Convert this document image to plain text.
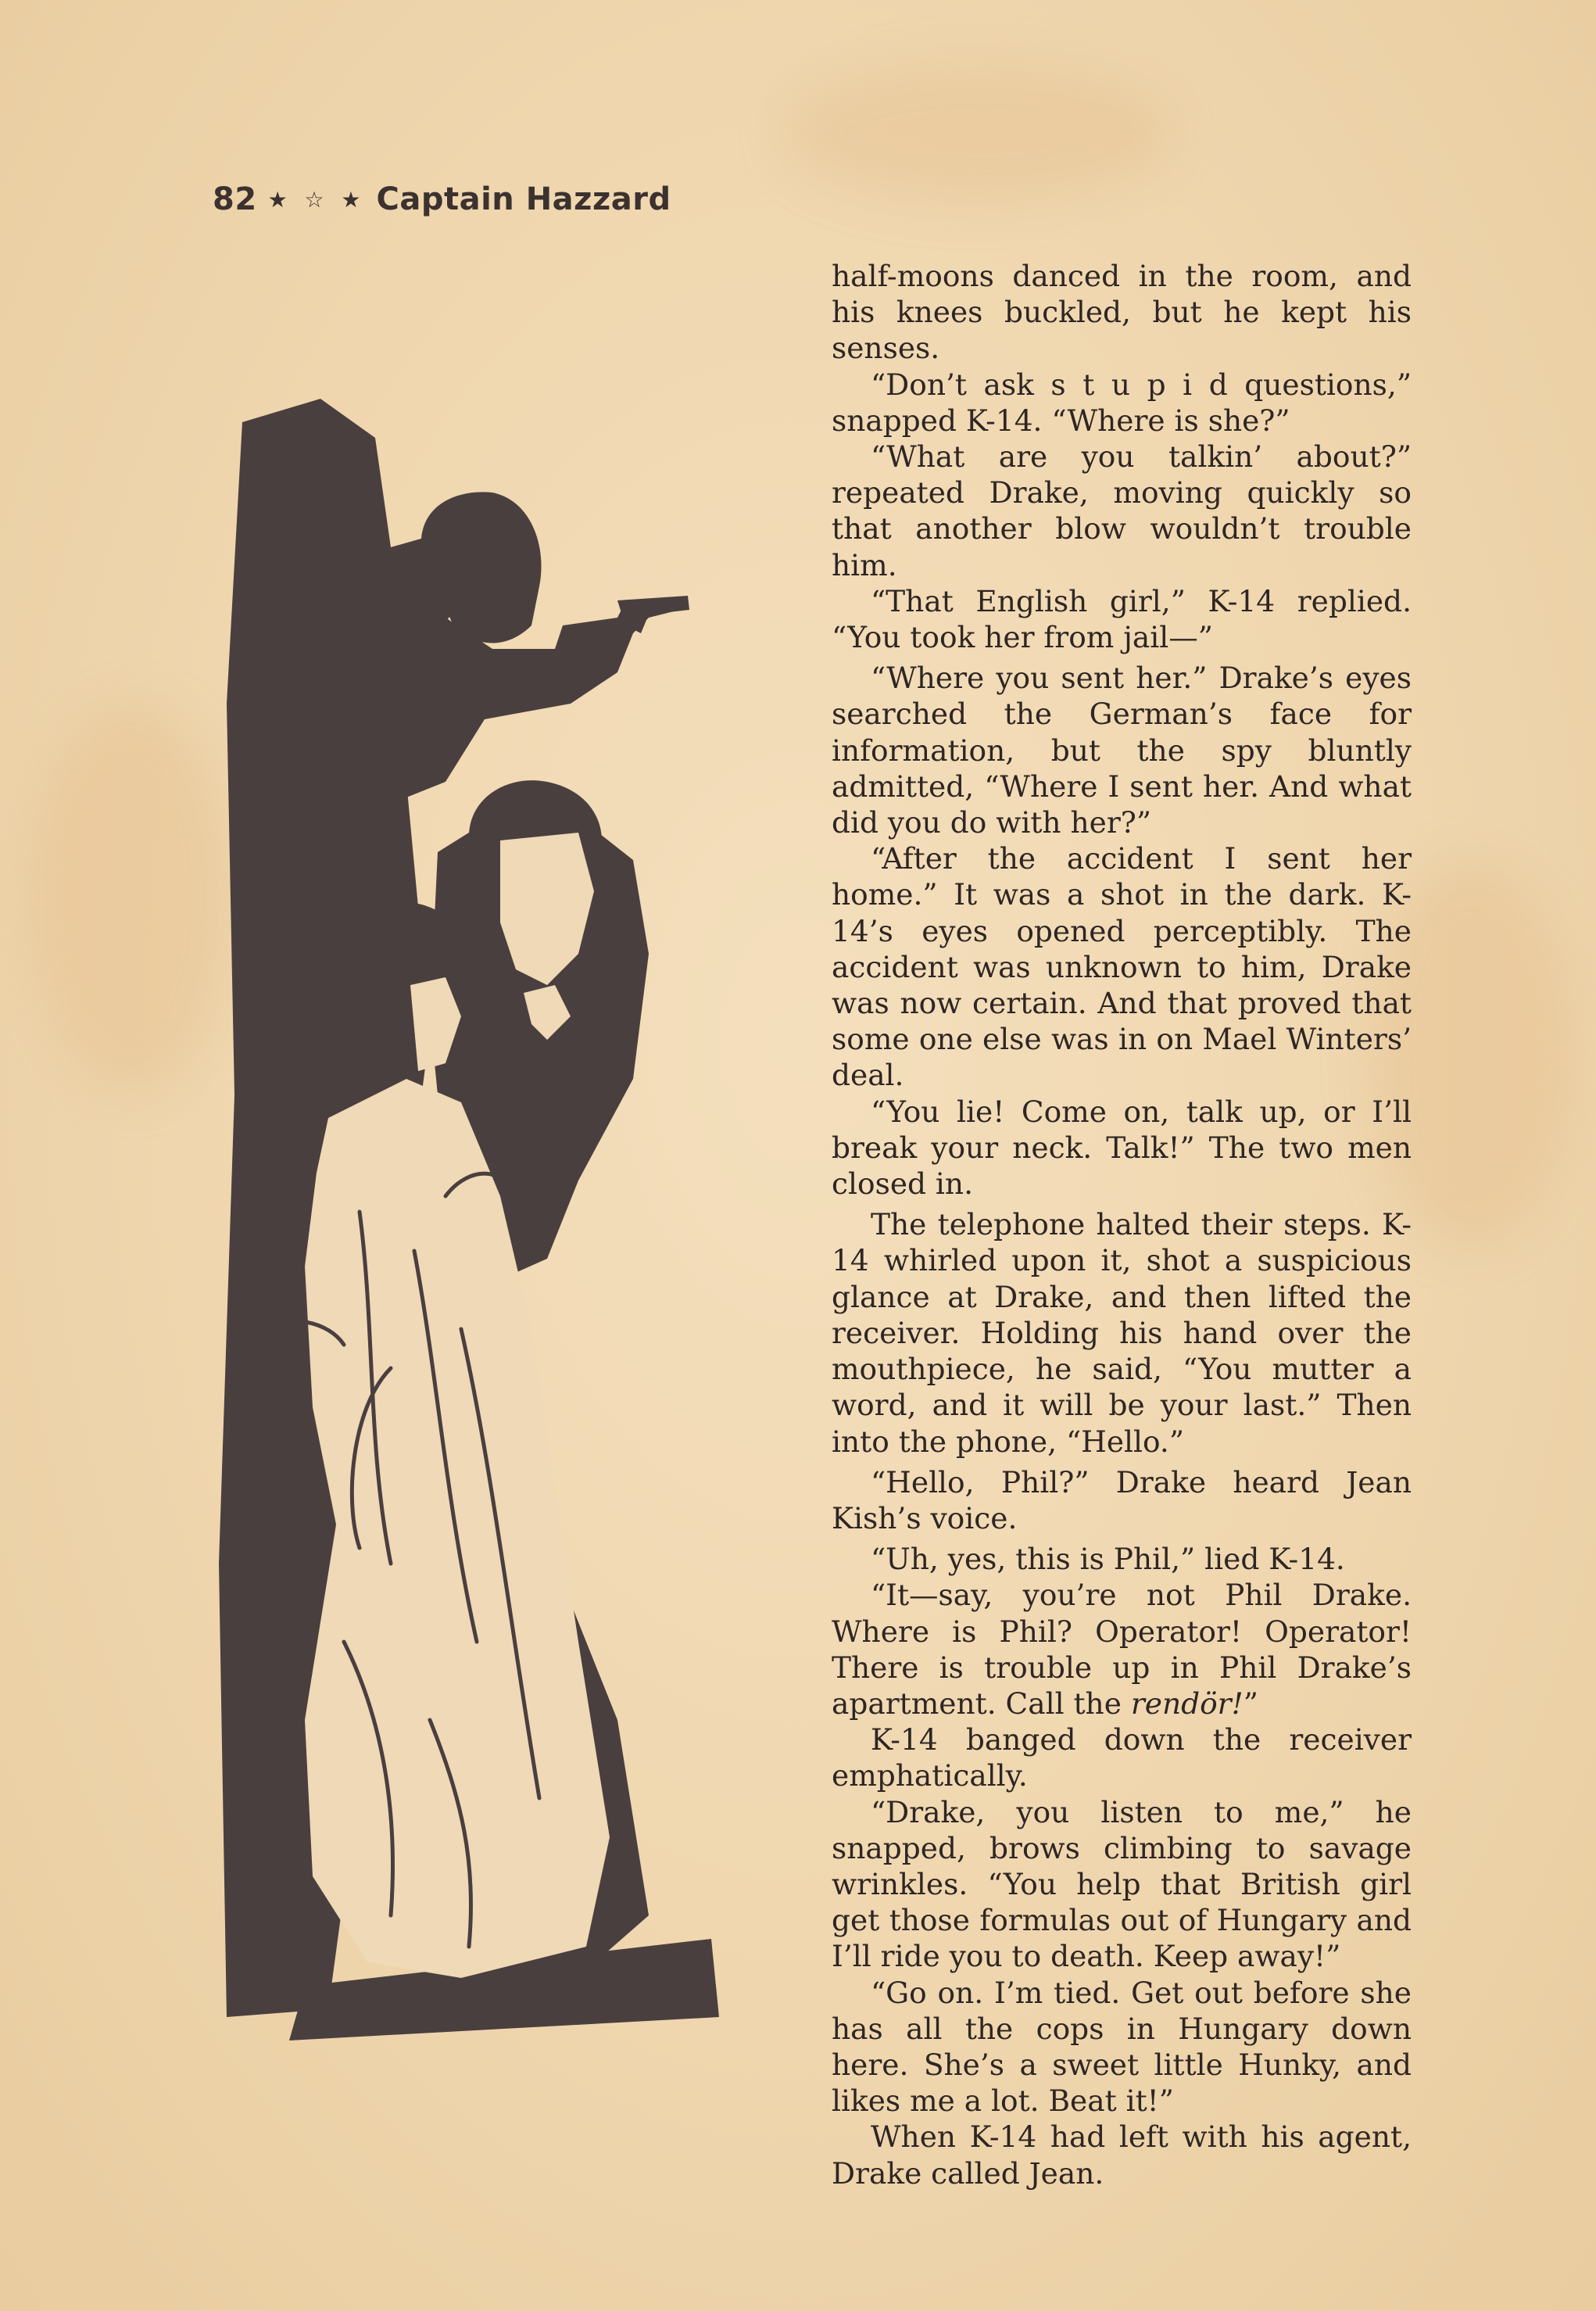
82 ★ ☆ ★ Captain Hazzard

half-moons danced in the room, and his knees buckled, but he kept his senses.

“Don’t ask s t u p i d questions,” snapped K-14. “Where is she?”

“What are you talkin’ about?” repeated Drake, moving quickly so that another blow wouldn’t trouble him.

“That English girl,” K-14 replied. “You took her from jail—”

“Where you sent her.” Drake’s eyes searched the German’s face for information, but the spy bluntly admitted, “Where I sent her. And what did you do with her?”

“After the accident I sent her home.” It was a shot in the dark. K-14’s eyes opened perceptibly. The accident was unknown to him, Drake was now certain. And that proved that some one else was in on Mael Winters’ deal.

“You lie! Come on, talk up, or I’ll break your neck. Talk!” The two men closed in.

The telephone halted their steps. K-14 whirled upon it, shot a suspicious glance at Drake, and then lifted the receiver. Holding his hand over the mouthpiece, he said, “You mutter a word, and it will be your last.” Then into the phone, “Hello.”

“Hello, Phil?” Drake heard Jean Kish’s voice.

“Uh, yes, this is Phil,” lied K-14.

“It—say, you’re not Phil Drake. Where is Phil? Operator! Operator! There is trouble up in Phil Drake’s apartment. Call the rendör!”

K-14 banged down the receiver emphatically.

“Drake, you listen to me,” he snapped, brows climbing to savage wrinkles. “You help that British girl get those formulas out of Hungary and I’ll ride you to death. Keep away!”

“Go on. I’m tied. Get out before she has all the cops in Hungary down here. She’s a sweet little Hunky, and likes me a lot. Beat it!”

When K-14 had left with his agent, Drake called Jean.
